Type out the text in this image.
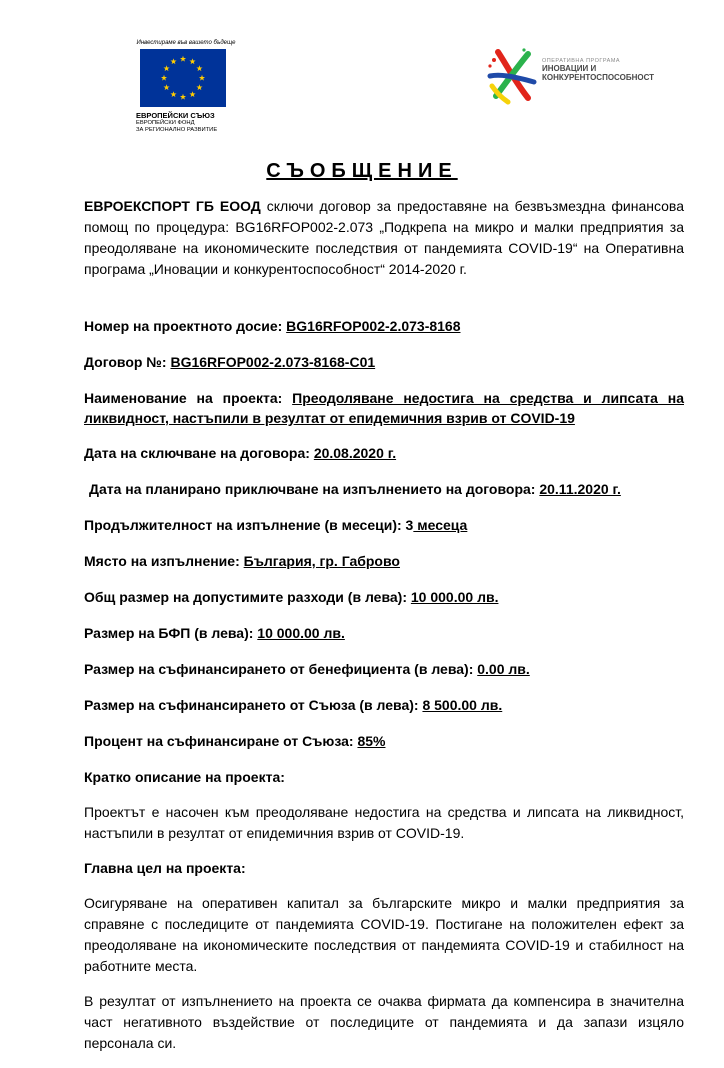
Инвестираме във вашето бъдеще
ЕВРОПЕЙСКИ СЪЮЗ
ЕВРОПЕЙСКИ ФОНД
ЗА РЕГИОНАЛНО РАЗВИТИЕ
ОПЕРАТИВНА ПРОГРАМА
ИНОВАЦИИ И
КОНКУРЕНТОСПОСОБНОСТ
СЪОБЩЕНИЕ

ЕВРОЕКСПОРТ ГБ ЕООД сключи договор за предоставяне на безвъзмездна финансова помощ по процедура: BG16RFOP002-2.073 „Подкрепа на микро и малки предприятия за преодоляване на икономическите последствия от пандемията COVID-19“ на Оперативна програма „Иновации и конкурентоспособност“ 2014-2020 г.

Номер на проектното досие: BG16RFOP002-2.073-8168

Договор №: BG16RFOP002-2.073-8168-C01

Наименование на проекта: Преодоляване недостига на средства и липсата на ликвидност, настъпили в резултат от епидемичния взрив от COVID-19

Дата на сключване на договора: 20.08.2020 г.

Дата на планирано приключване на изпълнението на договора: 20.11.2020 г.

Продължителност на изпълнение (в месеци): 3 месеца

Място на изпълнение: България, гр. Габрово

Общ размер на допустимите разходи (в лева): 10 000.00 лв.

Размер на БФП (в лева): 10 000.00 лв.

Размер на съфинансирането от бенефициента (в лева): 0.00 лв.

Размер на съфинансирането от Съюза (в лева): 8 500.00 лв.

Процент на съфинансиране от Съюза: 85%

Кратко описание на проекта:

Проектът е насочен към преодоляване недостига на средства и липсата на ликвидност, настъпили в резултат от епидемичния взрив от COVID-19.

Главна цел на проекта:

Осигуряване на оперативен капитал за българските микро и малки предприятия за справяне с последиците от пандемията COVID-19. Постигане на положителен ефект за преодоляване на икономическите последствия от пандемията COVID-19 и стабилност на работните места.

В резултат от изпълнението на проекта се очаква фирмата да компенсира в значителна част негативното въздействие от последиците от пандемията и да запази изцяло персонала си.
